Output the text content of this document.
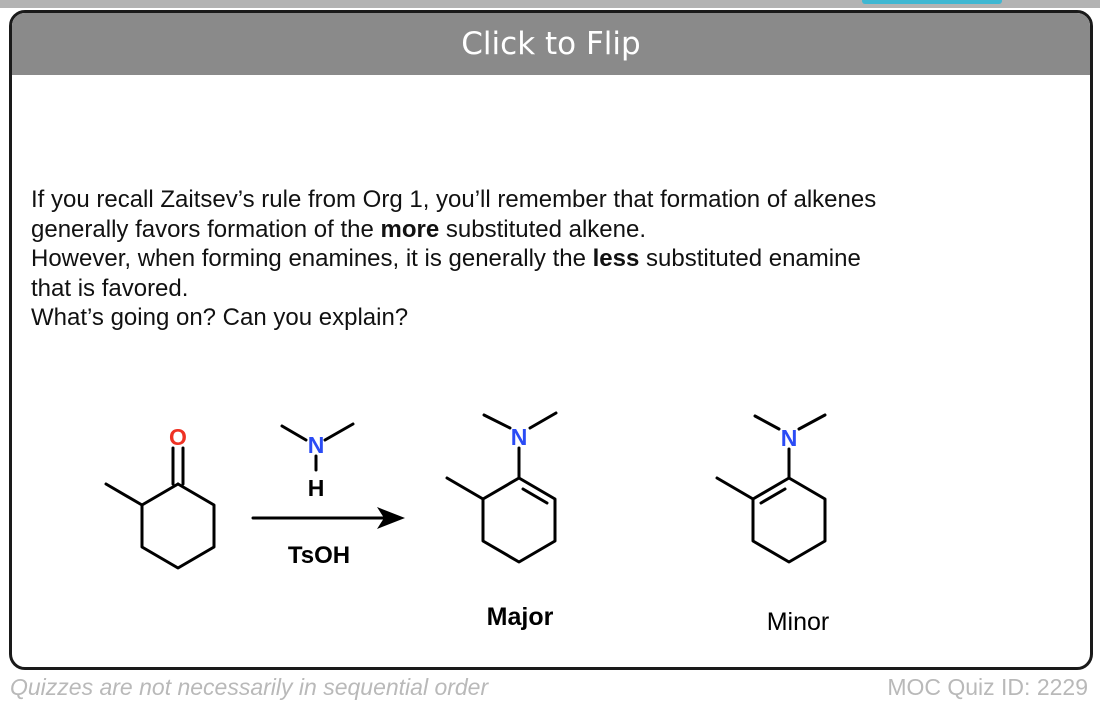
Click to Flip
If you recall Zaitsev’s rule from Org 1, you’ll remember that formation of alkenes
generally favors formation of the more substituted alkene.
However, when forming enamines, it is generally the less substituted enamine
that is favored.
What’s going on? Can you explain?
O	N
H
TsOH
N	N
Major	Minor
Quizzes are not necessarily in sequential order	MOC Quiz ID: 2229
